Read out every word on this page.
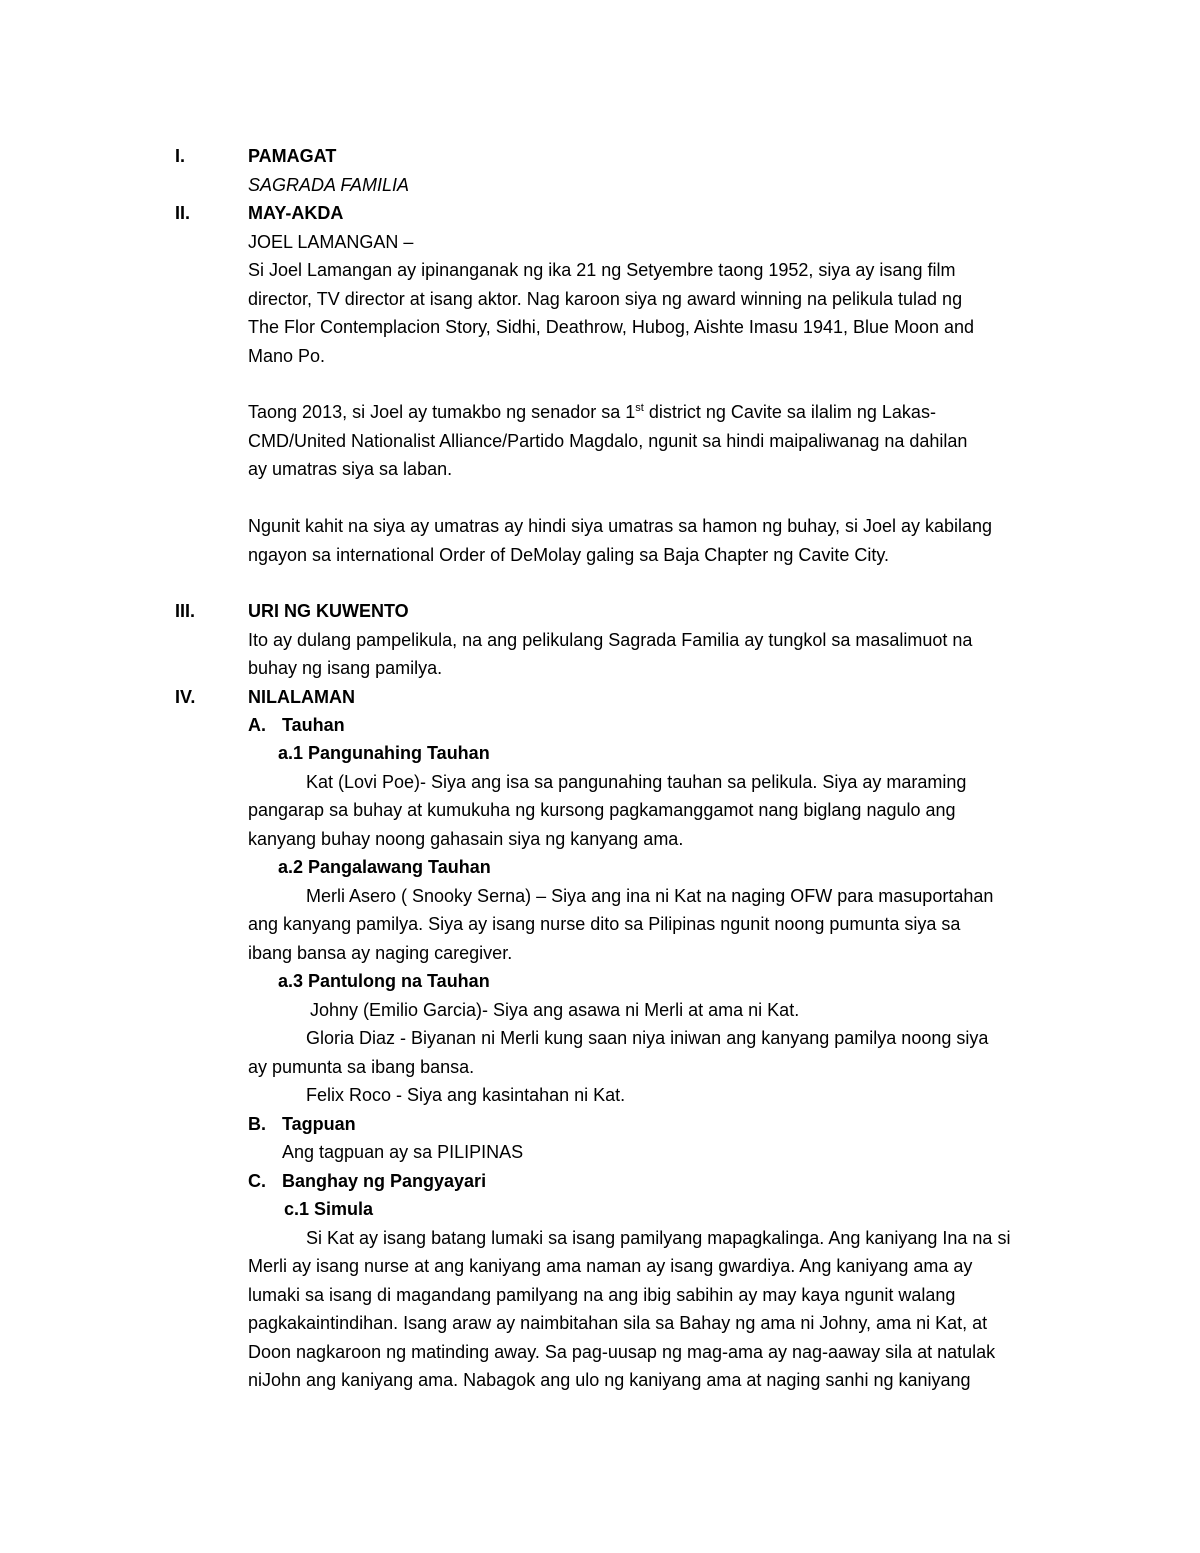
I.	PAMAGAT

SAGRADA FAMILIA

II.	MAY-AKDA

JOEL LAMANGAN –

Si Joel Lamangan ay ipinanganak ng ika 21 ng Setyembre taong 1952, siya ay isang film

director, TV director at isang aktor. Nag karoon siya ng award winning na pelikula tulad ng

The Flor Contemplacion Story, Sidhi, Deathrow, Hubog, Aishte Imasu 1941, Blue Moon and

Mano Po.

Taong 2013, si Joel ay tumakbo ng senador sa 1st district ng Cavite sa ilalim ng Lakas-

CMD/United Nationalist Alliance/Partido Magdalo, ngunit sa hindi maipaliwanag na dahilan

ay umatras siya sa laban.

Ngunit kahit na siya ay umatras ay hindi siya umatras sa hamon ng buhay, si Joel ay kabilang

ngayon sa international Order of DeMolay galing sa Baja Chapter ng Cavite City.

III.	URI NG KUWENTO

Ito ay dulang pampelikula, na ang pelikulang Sagrada Familia ay tungkol sa masalimuot na

buhay ng isang pamilya.

IV.	NILALAMAN

A. Tauhan

a.1 Pangunahing Tauhan

Kat (Lovi Poe)- Siya ang isa sa pangunahing tauhan sa pelikula. Siya ay maraming

pangarap sa buhay at kumukuha ng kursong pagkamanggamot nang biglang nagulo ang

kanyang buhay noong gahasain siya ng kanyang ama.

a.2 Pangalawang Tauhan

Merli Asero ( Snooky Serna) – Siya ang ina ni Kat na naging OFW para masuportahan

ang kanyang pamilya. Siya ay isang nurse dito sa Pilipinas ngunit noong pumunta siya sa

ibang bansa ay naging caregiver.

a.3 Pantulong na Tauhan

Johny (Emilio Garcia)- Siya ang asawa ni Merli at ama ni Kat.

Gloria Diaz - Biyanan ni Merli kung saan niya iniwan ang kanyang pamilya noong siya

ay pumunta sa ibang bansa.

Felix Roco - Siya ang kasintahan ni Kat.

B. Tagpuan

Ang tagpuan ay sa PILIPINAS

C. Banghay ng Pangyayari

c.1 Simula

Si Kat ay isang batang lumaki sa isang pamilyang mapagkalinga. Ang kaniyang Ina na si

Merli ay isang nurse at ang kaniyang ama naman ay isang gwardiya. Ang kaniyang ama ay

lumaki sa isang di magandang pamilyang na ang ibig sabihin ay may kaya ngunit walang

pagkakaintindihan. Isang araw ay naimbitahan sila sa Bahay ng ama ni Johny, ama ni Kat, at

Doon nagkaroon ng matinding away. Sa pag-uusap ng mag-ama ay nag-aaway sila at natulak

niJohn ang kaniyang ama. Nabagok ang ulo ng kaniyang ama at naging sanhi ng kaniyang
